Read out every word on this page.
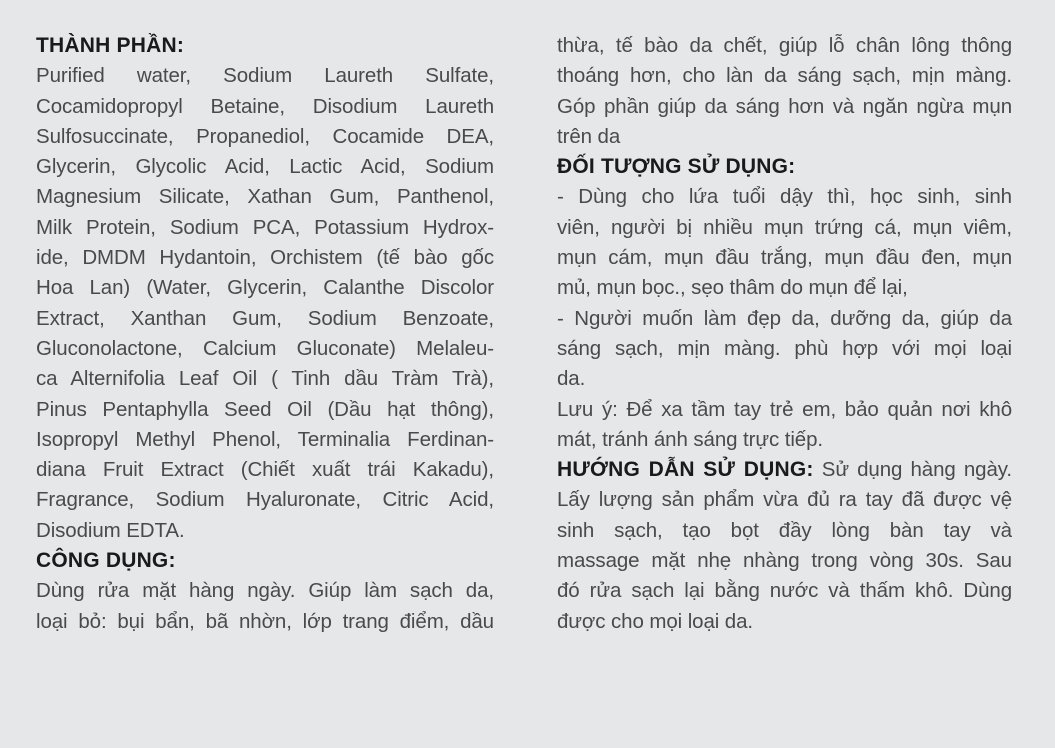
THÀNH PHẦN:
Purified water, Sodium Laureth Sulfate,
Cocamidopropyl Betaine, Disodium Laureth
Sulfosuccinate, Propanediol, Cocamide DEA,
Glycerin, Glycolic Acid, Lactic Acid, Sodium
Magnesium Silicate, Xathan Gum, Panthenol,
Milk Protein, Sodium PCA, Potassium Hydrox-
ide, DMDM Hydantoin, Orchistem (tế bào gốc
Hoa Lan) (Water, Glycerin, Calanthe Discolor
Extract, Xanthan Gum, Sodium Benzoate,
Gluconolactone, Calcium Gluconate) Melaleu-
ca Alternifolia Leaf Oil ( Tinh dầu Tràm Trà),
Pinus Pentaphylla Seed Oil (Dầu hạt thông),
Isopropyl Methyl Phenol, Terminalia Ferdinan-
diana Fruit Extract (Chiết xuất trái Kakadu),
Fragrance, Sodium Hyaluronate, Citric Acid,
Disodium EDTA.
CÔNG DỤNG:
Dùng rửa mặt hàng ngày. Giúp làm sạch da,
loại bỏ: bụi bẩn, bã nhờn, lớp trang điểm, dầu
thừa, tế bào da chết, giúp lỗ chân lông thông
thoáng hơn, cho làn da sáng sạch, mịn màng.
Góp phần giúp da sáng hơn và ngăn ngừa mụn
trên da
ĐỐI TƯỢNG SỬ DỤNG:
- Dùng cho lứa tuổi dậy thì, học sinh, sinh
viên, người bị nhiều mụn trứng cá, mụn viêm,
mụn cám, mụn đầu trắng, mụn đầu đen, mụn
mủ, mụn bọc., sẹo thâm do mụn để lại,
- Người muốn làm đẹp da, dưỡng da, giúp da
sáng sạch, mịn màng. phù hợp với mọi loại
da.
Lưu ý: Để xa tầm tay trẻ em, bảo quản nơi khô
mát, tránh ánh sáng trực tiếp.
HƯỚNG DẪN SỬ DỤNG: Sử dụng hàng ngày.
Lấy lượng sản phẩm vừa đủ ra tay đã được vệ
sinh sạch, tạo bọt đầy lòng bàn tay và
massage mặt nhẹ nhàng trong vòng 30s. Sau
đó rửa sạch lại bằng nước và thấm khô. Dùng
được cho mọi loại da.
